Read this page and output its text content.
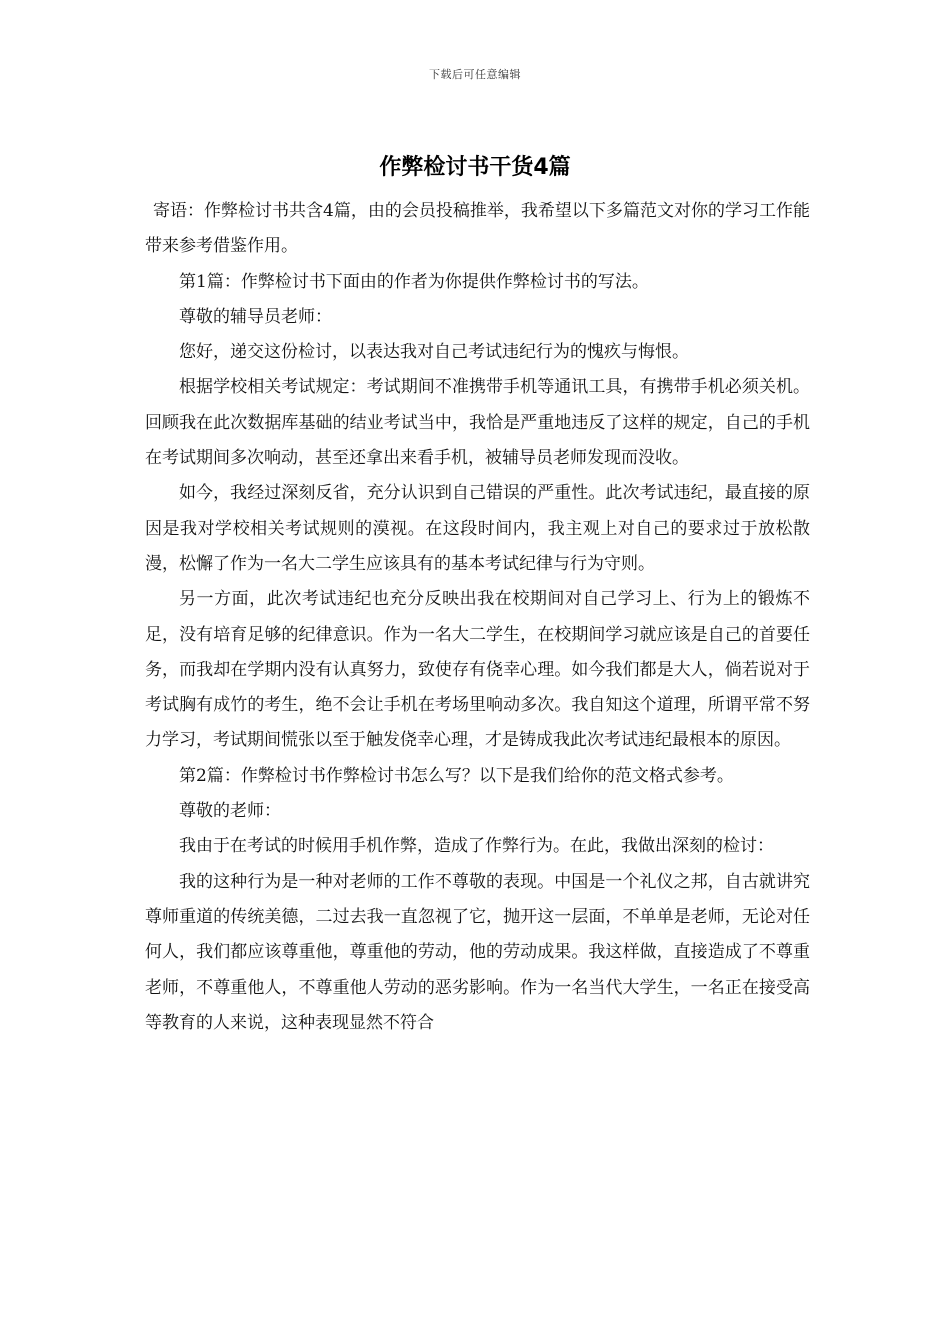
下载后可任意编辑
作弊检讨书干货4篇

寄语：作弊检讨书共含4篇，由的会员投稿推举，我希望以下多篇范文对你的学习工作能带来参考借鉴作用。

第1篇：作弊检讨书下面由的作者为你提供作弊检讨书的写法。

尊敬的辅导员老师：

您好，递交这份检讨，以表达我对自己考试违纪行为的愧疚与悔恨。

根据学校相关考试规定：考试期间不准携带手机等通讯工具，有携带手机必须关机。回顾我在此次数据库基础的结业考试当中，我恰是严重地违反了这样的规定，自己的手机在考试期间多次响动，甚至还拿出来看手机，被辅导员老师发现而没收。

如今，我经过深刻反省，充分认识到自己错误的严重性。此次考试违纪，最直接的原因是我对学校相关考试规则的漠视。在这段时间内，我主观上对自己的要求过于放松散漫，松懈了作为一名大二学生应该具有的基本考试纪律与行为守则。

另一方面，此次考试违纪也充分反映出我在校期间对自己学习上、行为上的锻炼不足，没有培育足够的纪律意识。作为一名大二学生，在校期间学习就应该是自己的首要任务，而我却在学期内没有认真努力，致使存有侥幸心理。如今我们都是大人，倘若说对于考试胸有成竹的考生，绝不会让手机在考场里响动多次。我自知这个道理，所谓平常不努力学习，考试期间慌张以至于触发侥幸心理，才是铸成我此次考试违纪最根本的原因。

第2篇：作弊检讨书作弊检讨书怎么写？以下是我们给你的范文格式参考。

尊敬的老师：

我由于在考试的时候用手机作弊，造成了作弊行为。在此，我做出深刻的检讨：

我的这种行为是一种对老师的工作不尊敬的表现。中国是一个礼仪之邦，自古就讲究尊师重道的传统美德，二过去我一直忽视了它，抛开这一层面，不单单是老师，无论对任何人，我们都应该尊重他，尊重他的劳动，他的劳动成果。我这样做，直接造成了不尊重老师，不尊重他人，不尊重他人劳动的恶劣影响。作为一名当代大学生，一名正在接受高等教育的人来说，这种表现显然不符合
